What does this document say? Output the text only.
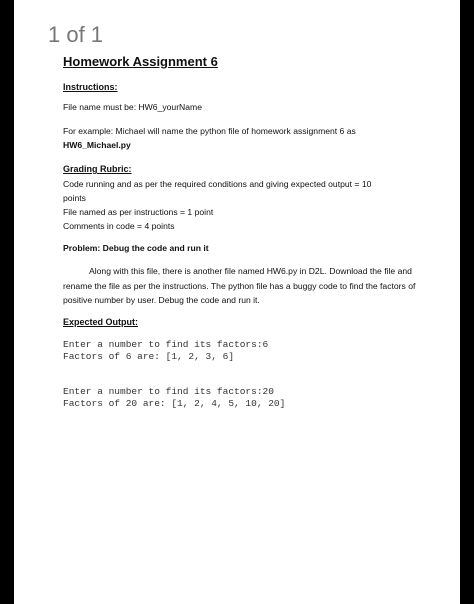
1 of 1
Homework Assignment 6
Instructions:
File name must be: HW6_yourName
For example: Michael will name the python file of homework assignment 6 as
HW6_Michael.py
Grading Rubric:
Code running and as per the required conditions and giving expected output = 10
points
File named as per instructions = 1 point
Comments in code = 4 points
Problem: Debug the code and run it
Along with this file, there is another file named HW6.py in D2L. Download the file and rename the file as per the instructions. The python file has a buggy code to find the factors of positive number by user. Debug the code and run it.
Expected Output:
Enter a number to find its factors:6
Factors of 6 are: [1, 2, 3, 6]
Enter a number to find its factors:20
Factors of 20 are: [1, 2, 4, 5, 10, 20]
